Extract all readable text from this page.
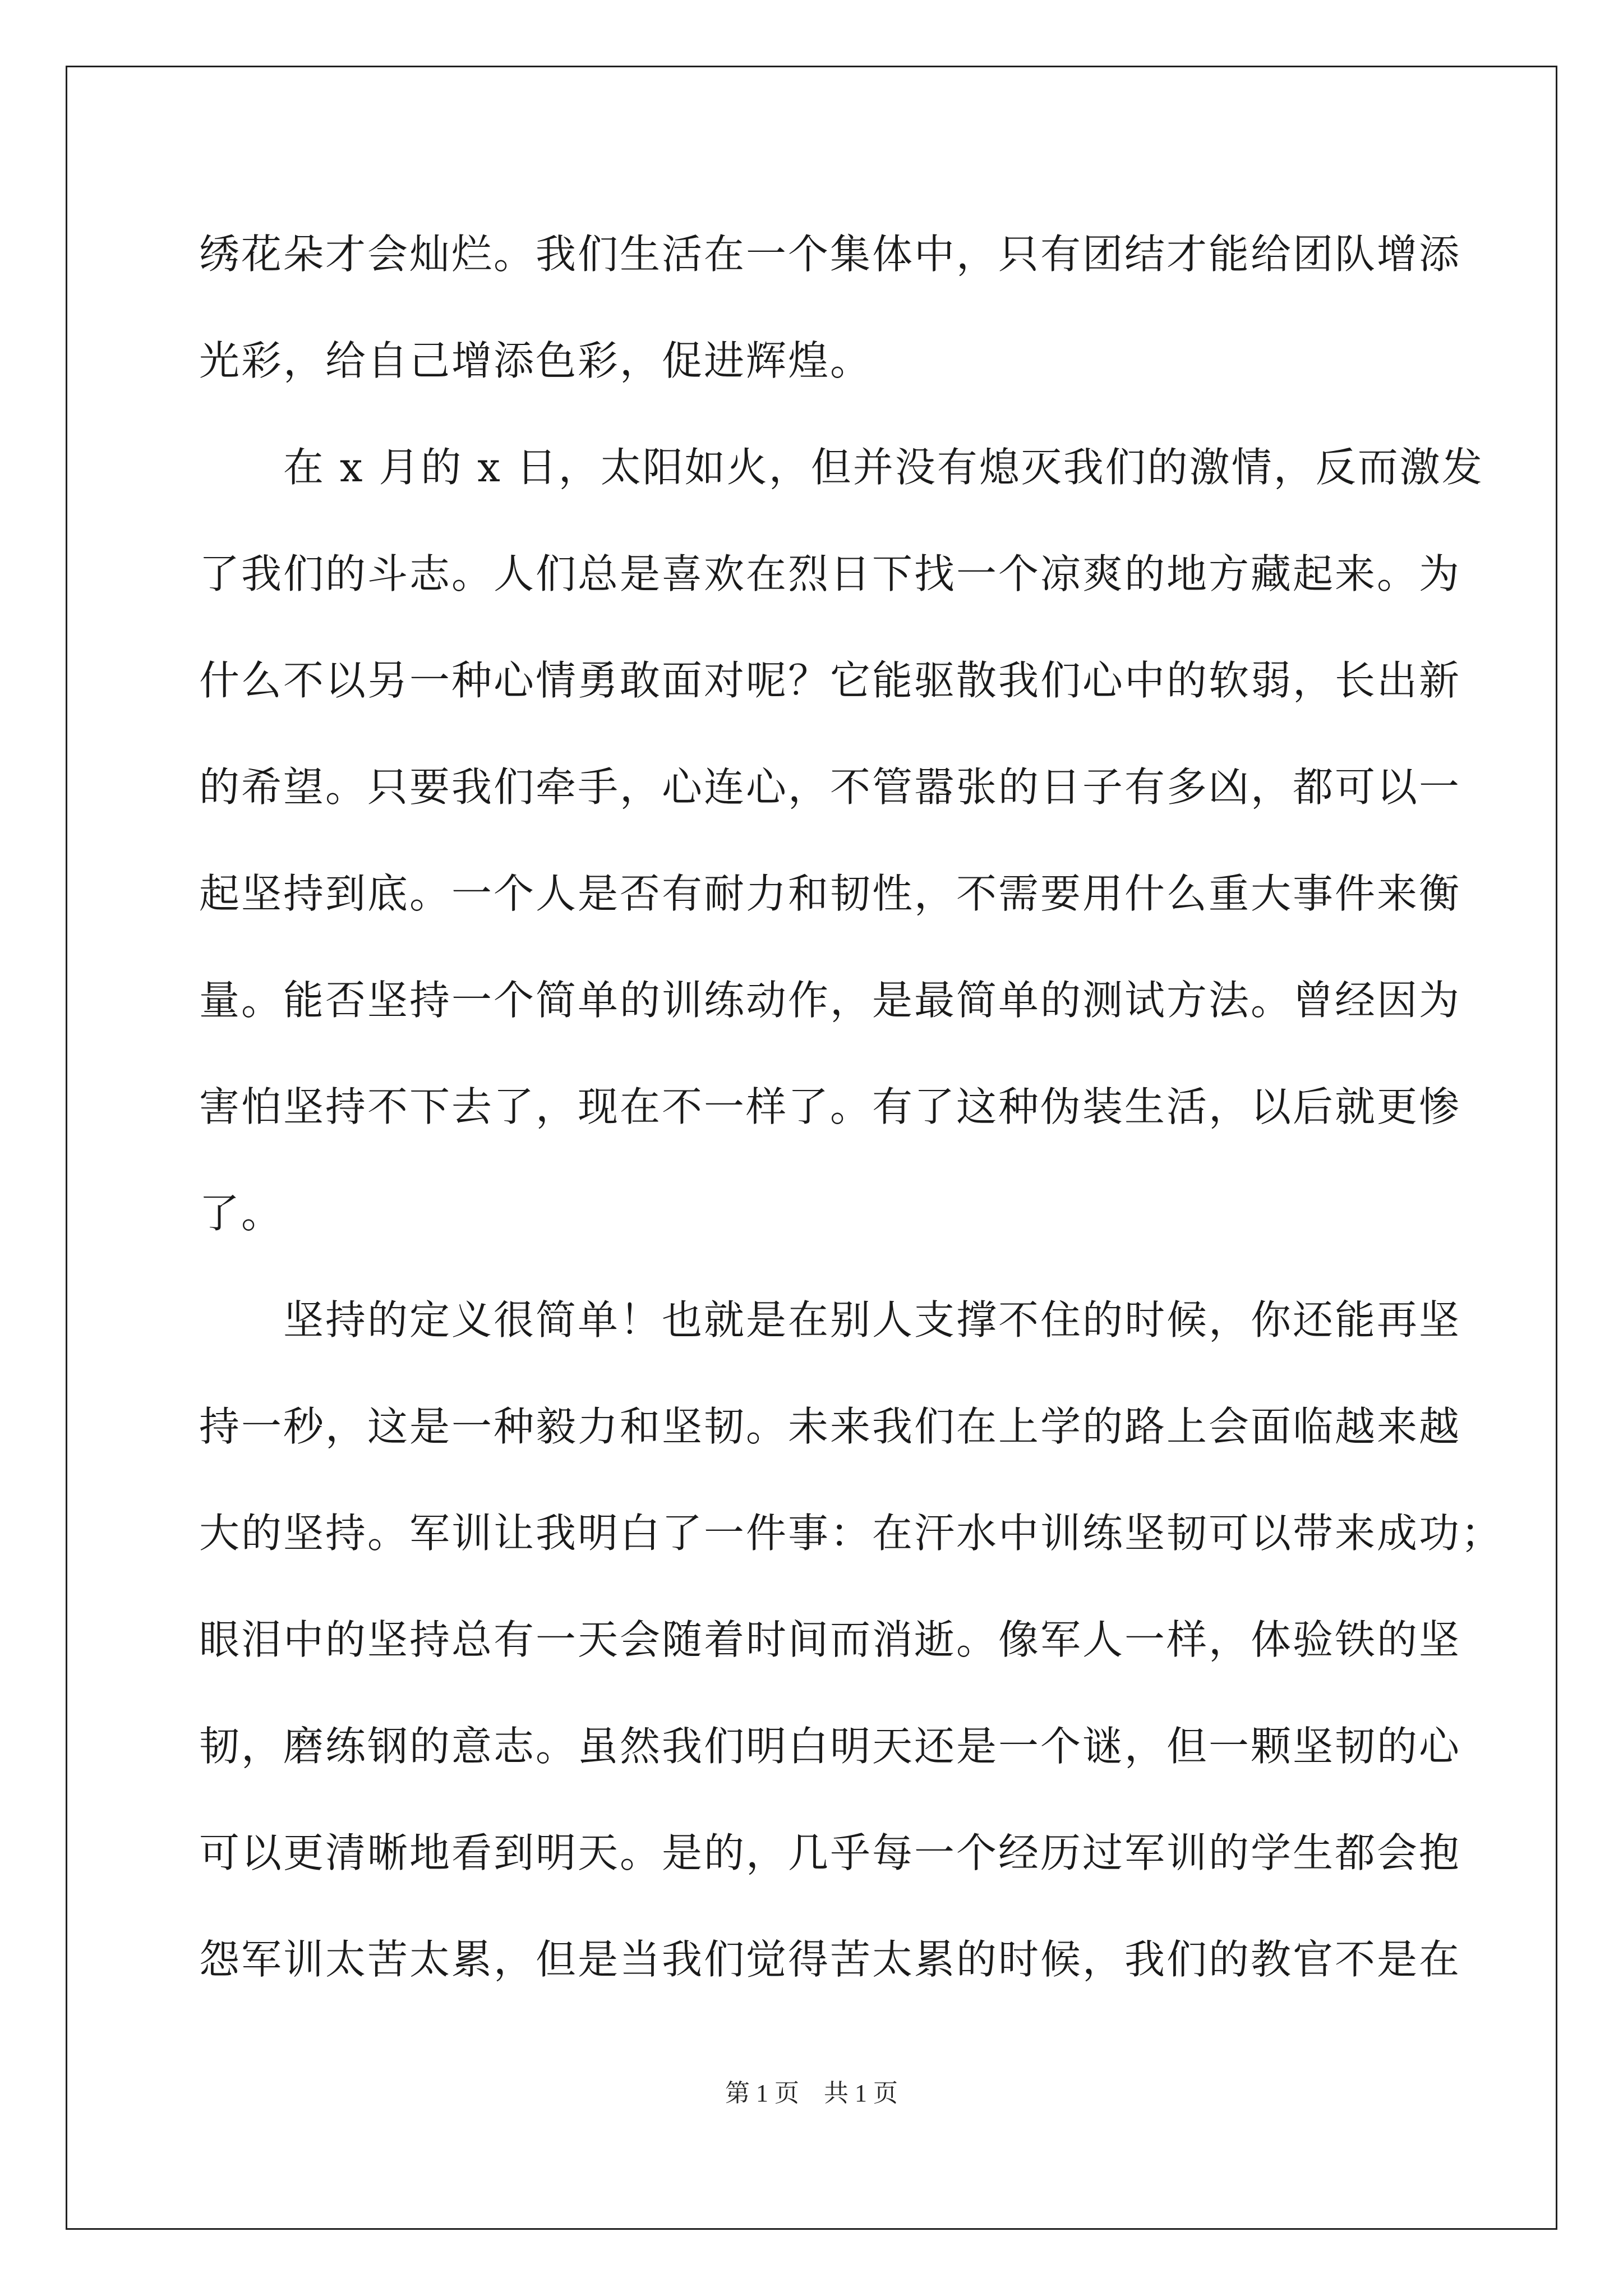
绣花朵才会灿烂。我们生活在一个集体中，只有团结才能给团队增添
光彩，给自己增添色彩，促进辉煌。
在 x 月的 x 日，太阳如火，但并没有熄灭我们的激情，反而激发
了我们的斗志。人们总是喜欢在烈日下找一个凉爽的地方藏起来。为
什么不以另一种心情勇敢面对呢？它能驱散我们心中的软弱，长出新
的希望。只要我们牵手，心连心，不管嚣张的日子有多凶，都可以一
起坚持到底。一个人是否有耐力和韧性，不需要用什么重大事件来衡
量。能否坚持一个简单的训练动作，是最简单的测试方法。曾经因为
害怕坚持不下去了，现在不一样了。有了这种伪装生活，以后就更惨
了。
坚持的定义很简单！也就是在别人支撑不住的时候，你还能再坚
持一秒，这是一种毅力和坚韧。未来我们在上学的路上会面临越来越
大的坚持。军训让我明白了一件事：在汗水中训练坚韧可以带来成功；
眼泪中的坚持总有一天会随着时间而消逝。像军人一样，体验铁的坚
韧，磨练钢的意志。虽然我们明白明天还是一个谜，但一颗坚韧的心
可以更清晰地看到明天。是的，几乎每一个经历过军训的学生都会抱
怨军训太苦太累，但是当我们觉得苦太累的时候，我们的教官不是在
第 1 页　共 1 页
